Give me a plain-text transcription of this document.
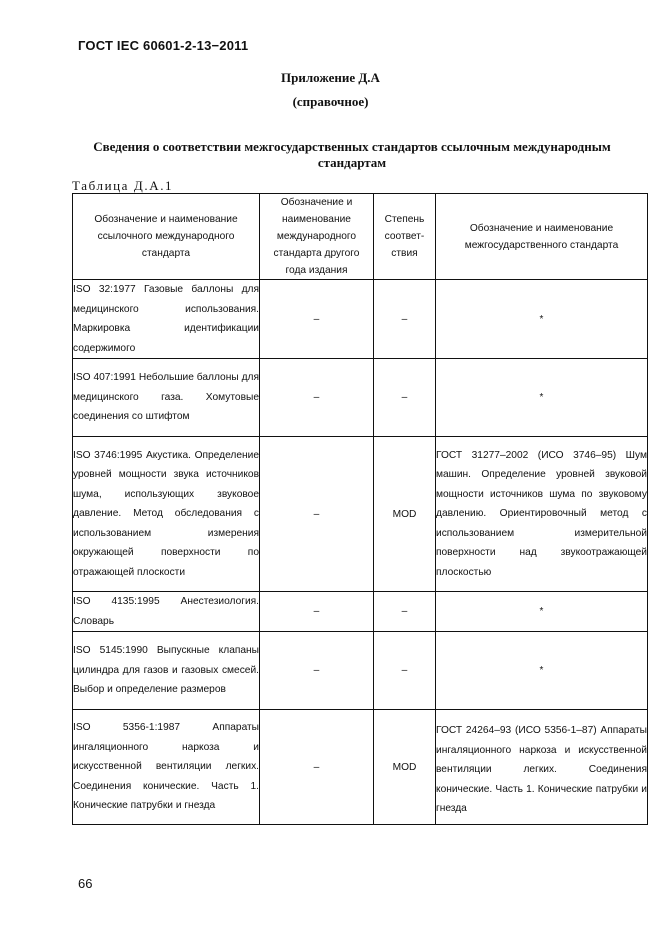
ГОСТ IEC 60601-2-13−2011
Приложение Д.А
(справочное)
Сведения о соответствии межгосударственных стандартов ссылочным международным стандартам
Таблица Д.А.1
Обозначение и наименование ссылочного международного стандарта	Обозначение и наименование международного стандарта другого года издания	Степень соответ-ствия	Обозначение и наименование межгосударственного стандарта
ISO 32:1977 Газовые баллоны для медицинского использования. Маркировка идентификации содержимого	–	–	*
ISO 407:1991 Небольшие баллоны для медицинского газа. Хомутовые соединения со штифтом	–	–	*
ISO 3746:1995 Акустика. Определение уровней мощности звука источников шума, использующих звуковое давление. Метод обследования с использованием измерения окружающей поверхности по отражающей плоскости	–	MOD	ГОСТ 31277–2002 (ИСО 3746–95) Шум машин. Определение уровней звуковой мощности источников шума по звуковому давлению. Ориентировочный метод с использованием измерительной поверхности над звукоотражающей плоскостью
ISO 4135:1995 Анестезиология. Словарь	–	–	*
ISO 5145:1990 Выпускные клапаны цилиндра для газов и газовых смесей. Выбор и определение размеров	–	–	*
ISO 5356-1:1987 Аппараты ингаляционного наркоза и искусственной вентиляции легких. Соединения конические. Часть 1. Конические патрубки и гнезда	–	MOD	ГОСТ 24264–93 (ИСО 5356-1–87) Аппараты ингаляционного наркоза и искусственной вентиляции легких. Соединения конические. Часть 1. Конические патрубки и гнезда
66
